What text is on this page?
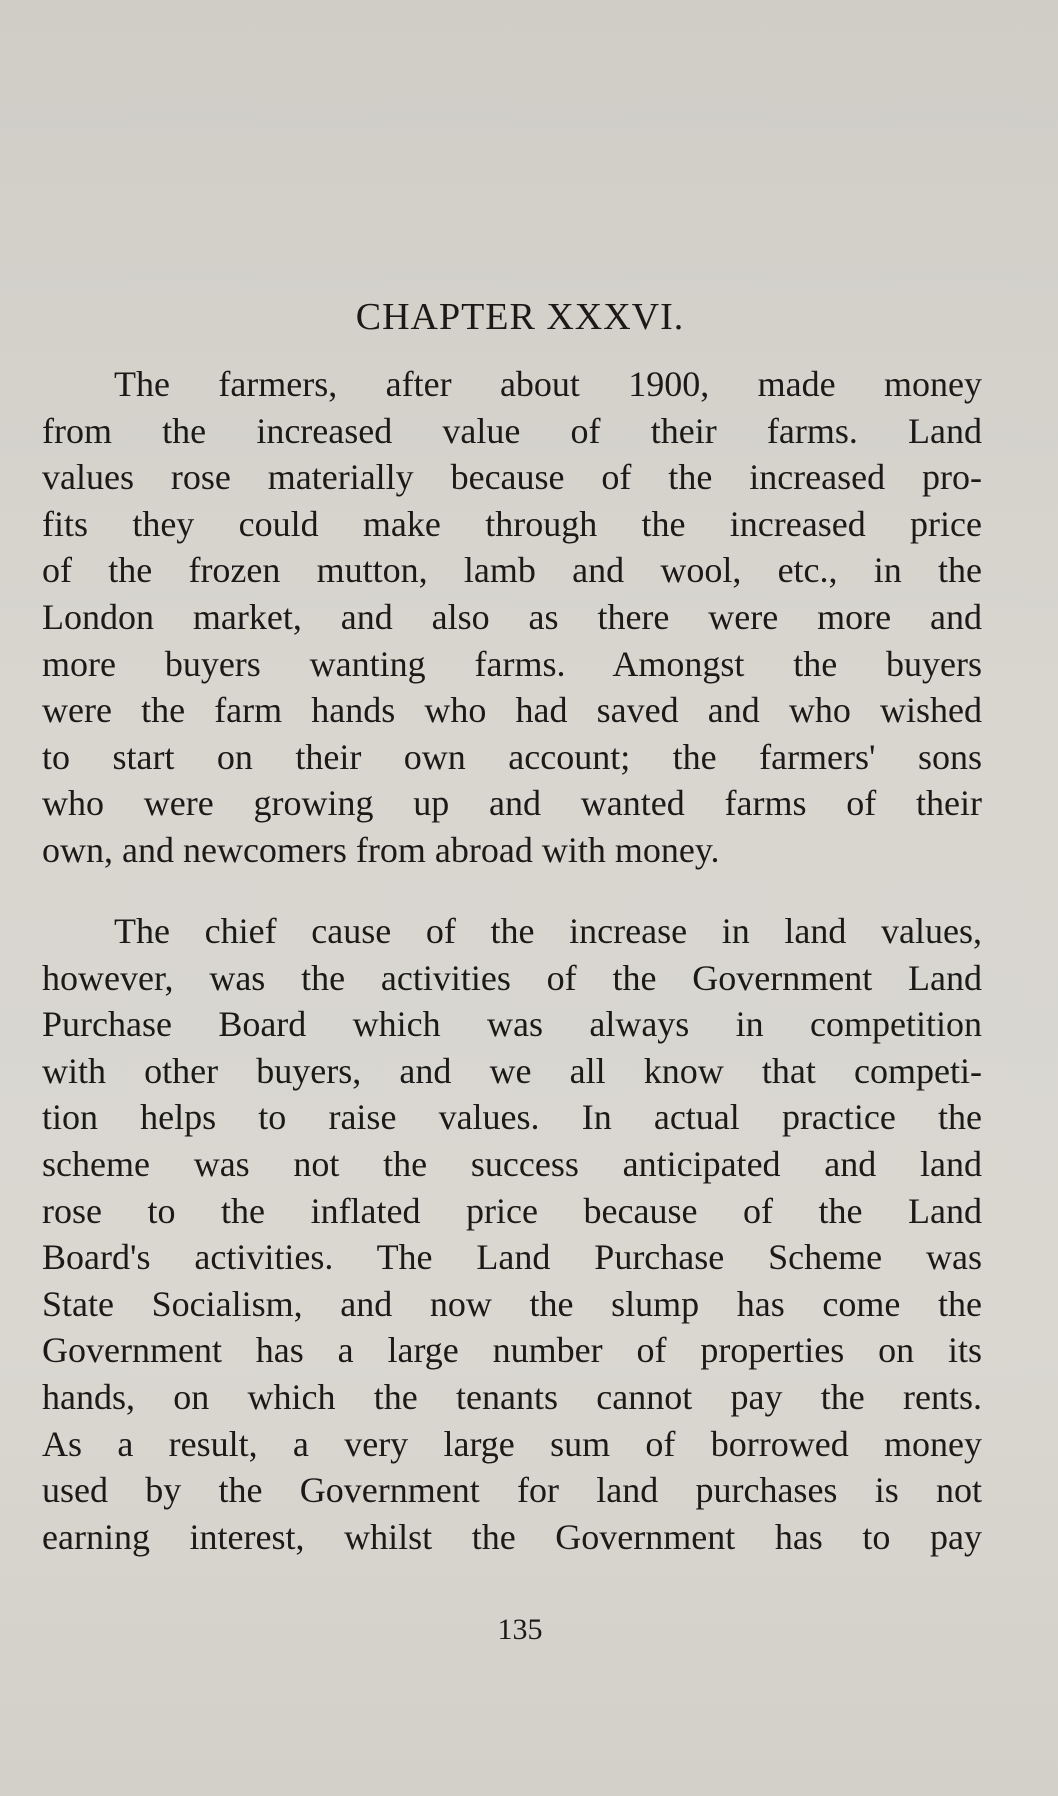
CHAPTER XXXVI.
  The farmers, after about 1900, made money
from the increased value of their farms. Land
values rose materially because of the increased pro-
fits they could make through the increased price
of the frozen mutton, lamb and wool, etc., in the
London market, and also as there were more and
more buyers wanting farms. Amongst the buyers
were the farm hands who had saved and who wished
to start on their own account; the farmers' sons
who were growing up and wanted farms of their
own, and newcomers from abroad with money.
  The chief cause of the increase in land values,
however, was the activities of the Government Land
Purchase Board which was always in competition
with other buyers, and we all know that competi-
tion helps to raise values. In actual practice the
scheme was not the success anticipated and land
rose to the inflated price because of the Land
Board's activities. The Land Purchase Scheme was
State Socialism, and now the slump has come the
Government has a large number of properties on its
hands, on which the tenants cannot pay the rents.
As a result, a very large sum of borrowed money
used by the Government for land purchases is not
earning interest, whilst the Government has to pay
135
